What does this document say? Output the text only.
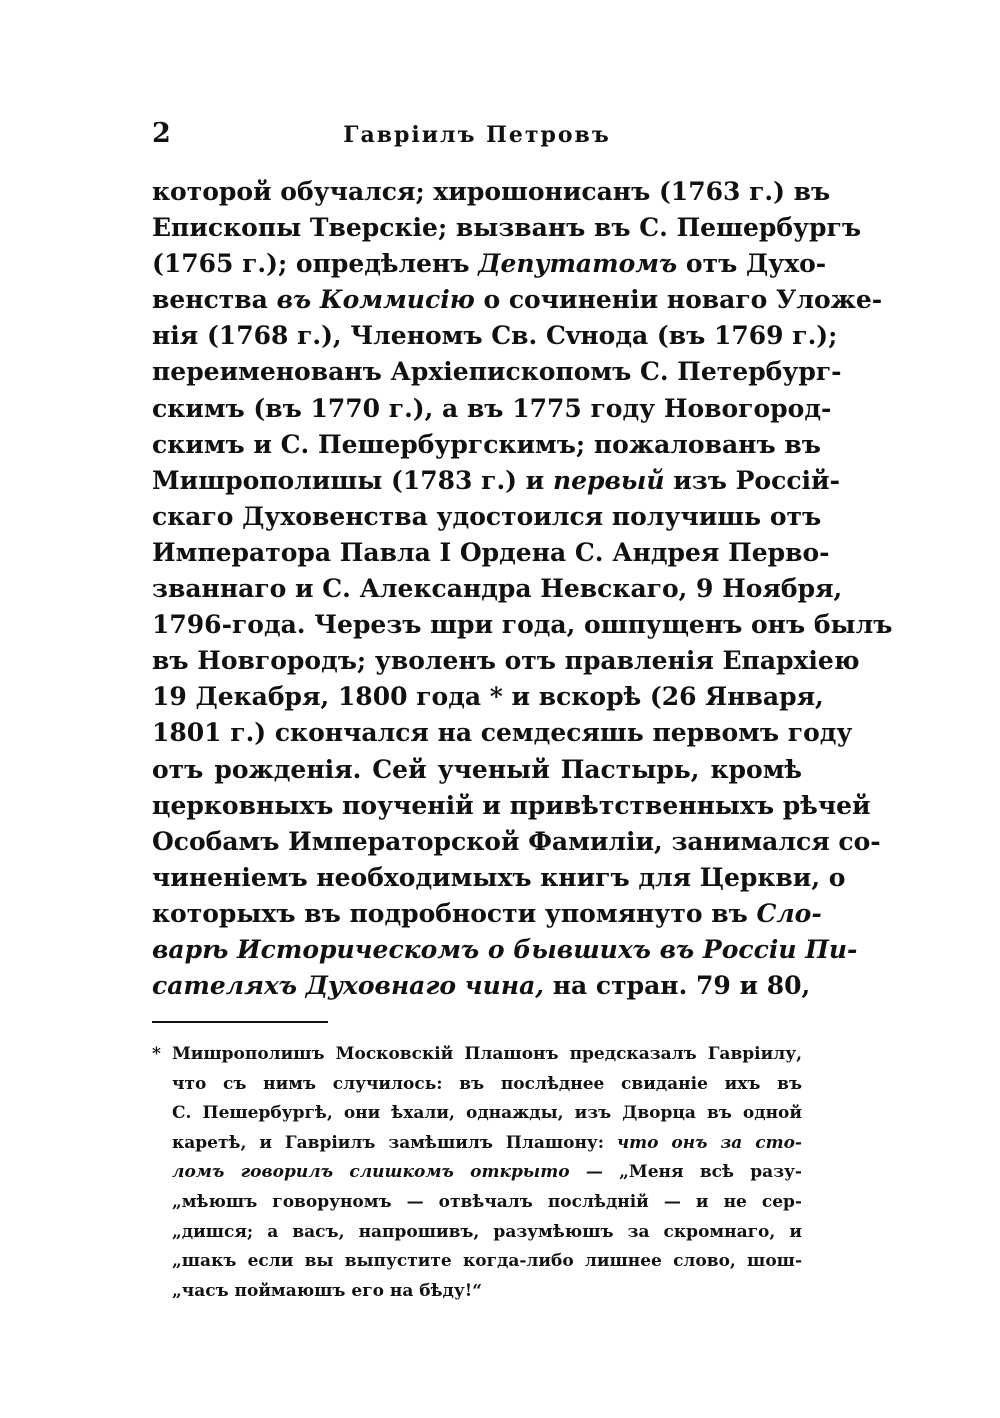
2	Гаврiилъ Петровъ
которой обучался; хирошонисанъ (1763 г.) въ
Епископы Тверскiе; вызванъ въ С. Пешербургъ
(1765 г.); опредѣленъ Депутатомъ отъ Духо-
венства въ Коммисiю о сочиненiи новаго Уложе-
нiя (1768 г.), Членомъ Св. Сvнода (въ 1769 г.);
переименованъ Архiепископомъ С. Петербург-
скимъ (въ 1770 г.), а въ 1775 году Новогород-
скимъ и С. Пешербургскимъ; пожалованъ въ
Мишрополишы (1783 г.) и первый изъ Россiй-
скаго Духовенства удостоился получишь отъ
Императора Павла I Ордена С. Андрея Перво-
званнаго и С. Александра Невскаго, 9 Ноября,
1796-года. Черезъ шри года, ошпущенъ онъ былъ
въ Новгородъ; уволенъ отъ правленiя Епархiею
19 Декабря, 1800 года * и вскорѣ (26 Января,
1801 г.) скончался на семдесяшь первомъ году
отъ рожденiя. Сей ученый Пастырь, кромѣ
церковныхъ поученiй и привѣтственныхъ рѣчей
Особамъ Императорской Фамилiи, занимался со-
чиненiемъ необходимыхъ книгъ для Церкви, о
которыхъ въ подробности упомянуто въ Сло-
варѣ Историческомъ о бывшихъ въ Россiи Пи-
сателяхъ Духовнаго чина, на стран. 79 и 80,
* Мишрополишъ Московскiй Плашонъ предсказалъ Гаврiилу,
что съ нимъ случилось: въ послѣднее свиданiе ихъ въ
С. Пешербургѣ, они ѣхали, однажды, изъ Дворца въ одной
каретѣ, и Гаврiилъ замѣшилъ Плашону: что онъ за сто-
ломъ говорилъ слишкомъ открыто — „Меня всѣ разу-
„мѣюшъ говоруномъ — отвѣчалъ послѣднiй — и не сер-
„дишся; а васъ, напрошивъ, разумѣюшъ за скромнаго, и
„шакъ если вы выпустите когда-либо лишнее слово, шош-
„часъ поймаюшъ его на бѣду!“
